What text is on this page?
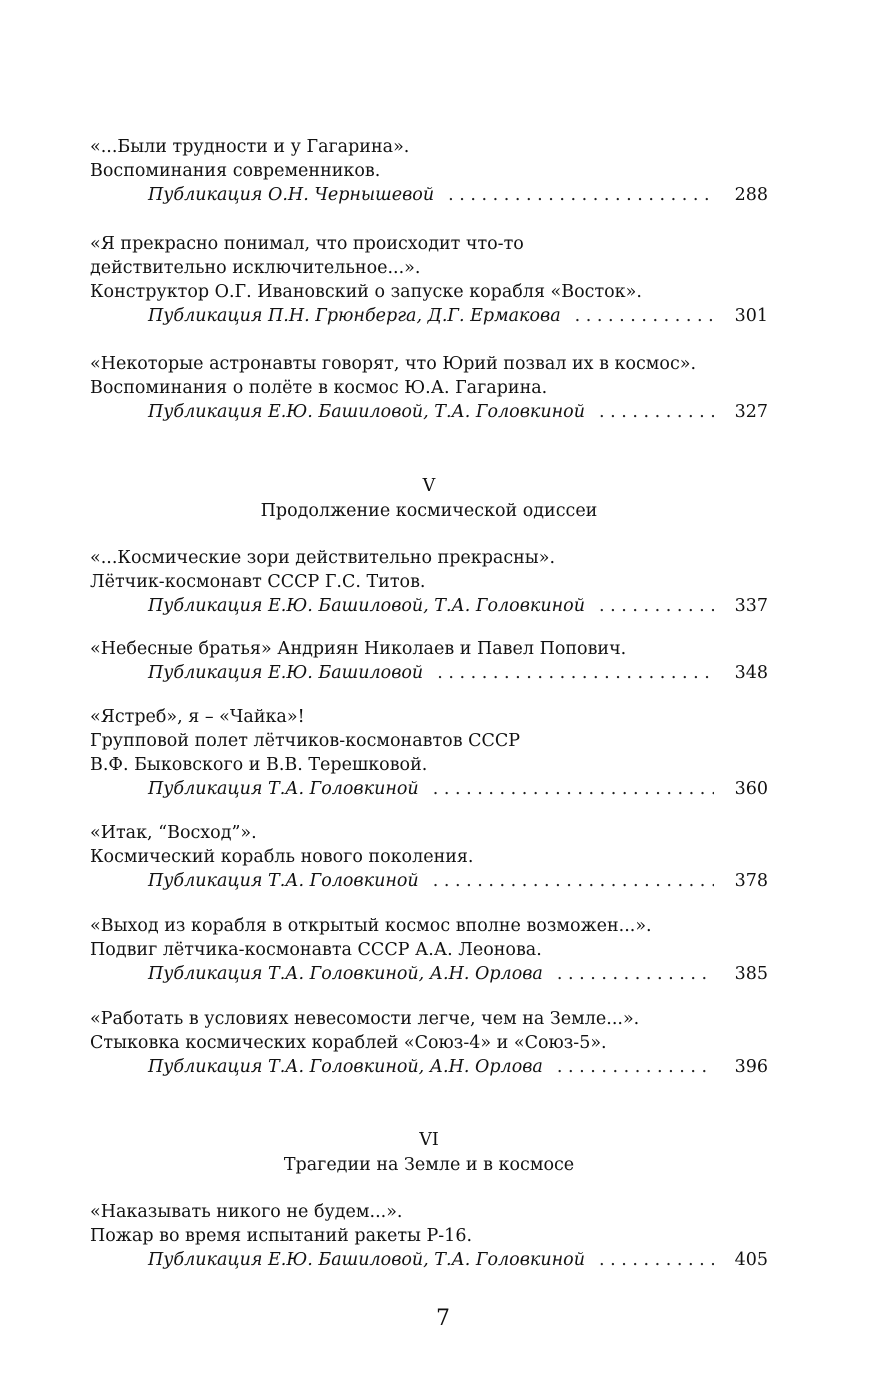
«...Были трудности и у Гагарина».
Воспоминания современников.
Публикация О.Н. Чернышевой . . .	288
«Я прекрасно понимал, что происходит что-то
действительно исключительное...».
Конструктор О.Г. Ивановский о запуске корабля «Восток».
Публикация П.Н. Грюнберга, Д.Г. Ермакова . . .	301
«Некоторые астронавты говорят, что Юрий позвал их в космос».
Воспоминания о полёте в космос Ю.А. Гагарина.
Публикация Е.Ю. Башиловой, Т.А. Головкиной . . .	327
V
Продолжение космической одиссеи
«...Космические зори действительно прекрасны».
Лётчик-космонавт СССР Г.С. Титов.
Публикация Е.Ю. Башиловой, Т.А. Головкиной . . .	337
«Небесные братья» Андриян Николаев и Павел Попович.
Публикация Е.Ю. Башиловой . . .	348
«Ястреб», я – «Чайка»!
Групповой полет лётчиков-космонавтов СССР
В.Ф. Быковского и В.В. Терешковой.
Публикация Т.А. Головкиной . . .	360
«Итак, “Восход”».
Космический корабль нового поколения.
Публикация Т.А. Головкиной . . .	378
«Выход из корабля в открытый космос вполне возможен...».
Подвиг лётчика-космонавта СССР А.А. Леонова.
Публикация Т.А. Головкиной, А.Н. Орлова . . .	385
«Работать в условиях невесомости легче, чем на Земле...».
Стыковка космических кораблей «Союз-4» и «Союз-5».
Публикация Т.А. Головкиной, А.Н. Орлова . . .	396
VI
Трагедии на Земле и в космосе
«Наказывать никого не будем...».
Пожар во время испытаний ракеты Р-16.
Публикация Е.Ю. Башиловой, Т.А. Головкиной . . .	405
7
